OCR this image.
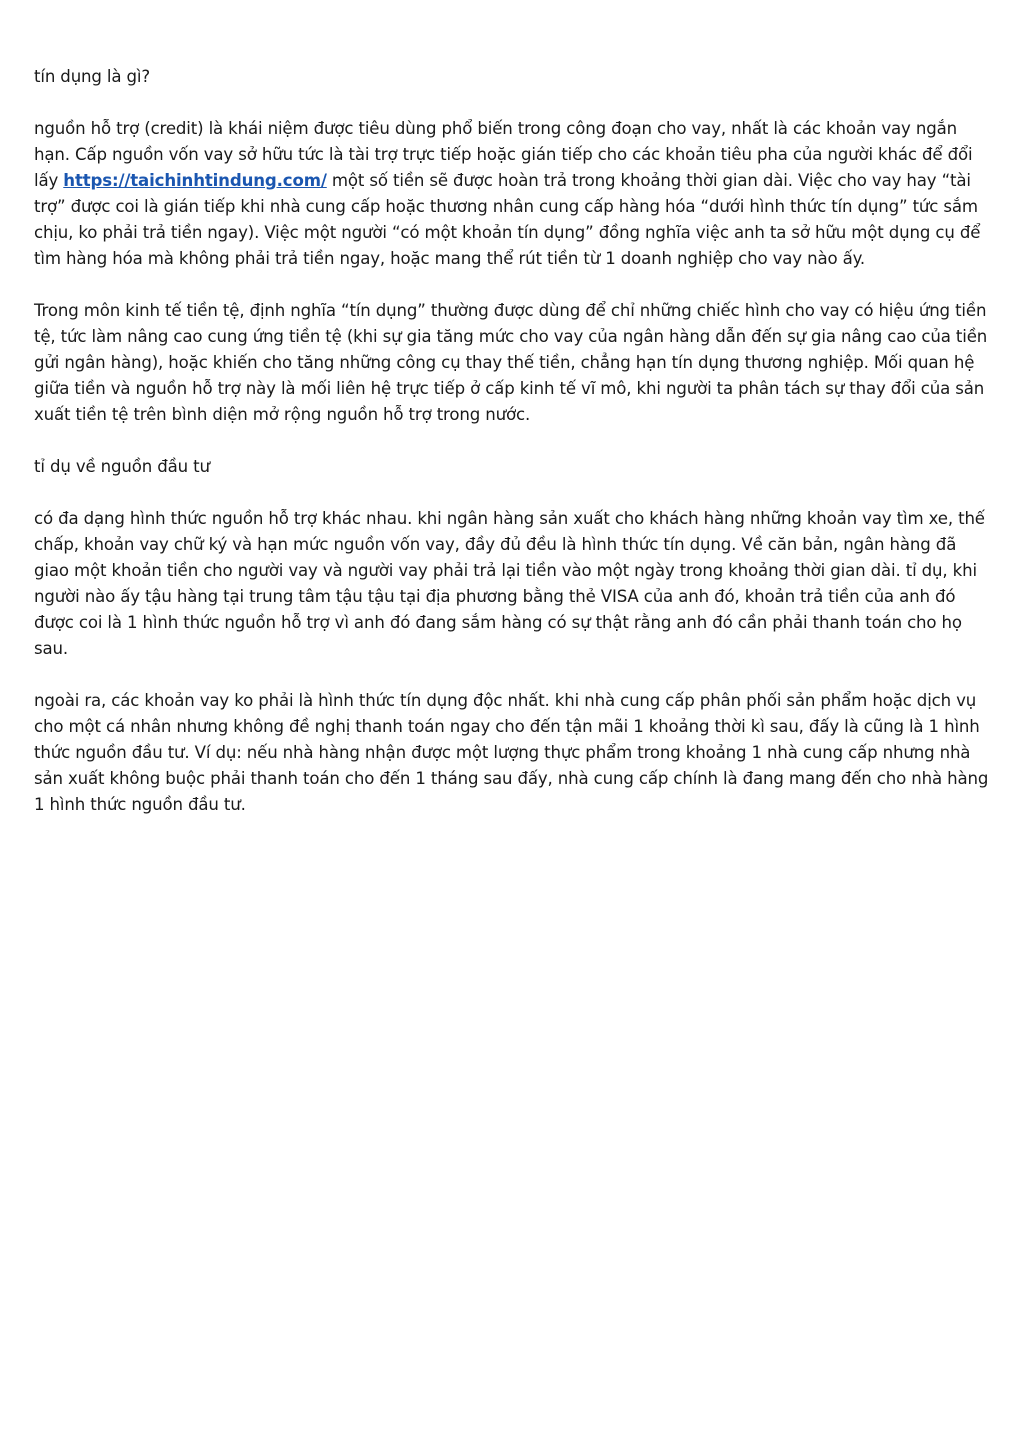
tín dụng là gì?

nguồn hỗ trợ (credit) là khái niệm được tiêu dùng phổ biến trong công đoạn cho vay, nhất là các khoản vay ngắn hạn. Cấp nguồn vốn vay sở hữu tức là tài trợ trực tiếp hoặc gián tiếp cho các khoản tiêu pha của người khác để đổi lấy https://taichinhtindung.com/ một số tiền sẽ được hoàn trả trong khoảng thời gian dài. Việc cho vay hay “tài trợ” được coi là gián tiếp khi nhà cung cấp hoặc thương nhân cung cấp hàng hóa “dưới hình thức tín dụng” tức sắm chịu, ko phải trả tiền ngay). Việc một người “có một khoản tín dụng” đồng nghĩa việc anh ta sở hữu một dụng cụ để tìm hàng hóa mà không phải trả tiền ngay, hoặc mang thể rút tiền từ 1 doanh nghiệp cho vay nào ấy.

Trong môn kinh tế tiền tệ, định nghĩa “tín dụng” thường được dùng để chỉ những chiếc hình cho vay có hiệu ứng tiền tệ, tức làm nâng cao cung ứng tiền tệ (khi sự gia tăng mức cho vay của ngân hàng dẫn đến sự gia nâng cao của tiền gửi ngân hàng), hoặc khiến cho tăng những công cụ thay thế tiền, chẳng hạn tín dụng thương nghiệp. Mối quan hệ giữa tiền và nguồn hỗ trợ này là mối liên hệ trực tiếp ở cấp kinh tế vĩ mô, khi người ta phân tách sự thay đổi của sản xuất tiền tệ trên bình diện mở rộng nguồn hỗ trợ trong nước.

tỉ dụ về nguồn đầu tư

có đa dạng hình thức nguồn hỗ trợ khác nhau. khi ngân hàng sản xuất cho khách hàng những khoản vay tìm xe, thế chấp, khoản vay chữ ký và hạn mức nguồn vốn vay, đầy đủ đều là hình thức tín dụng. Về căn bản, ngân hàng đã giao một khoản tiền cho người vay và người vay phải trả lại tiền vào một ngày trong khoảng thời gian dài. tỉ dụ, khi người nào ấy tậu hàng tại trung tâm tậu tậu tại địa phương bằng thẻ VISA của anh đó, khoản trả tiền của anh đó được coi là 1 hình thức nguồn hỗ trợ vì anh đó đang sắm hàng có sự thật rằng anh đó cần phải thanh toán cho họ sau.

ngoài ra, các khoản vay ko phải là hình thức tín dụng độc nhất. khi nhà cung cấp phân phối sản phẩm hoặc dịch vụ cho một cá nhân nhưng không đề nghị thanh toán ngay cho đến tận mãi 1 khoảng thời kì sau, đấy là cũng là 1 hình thức nguồn đầu tư. Ví dụ: nếu nhà hàng nhận được một lượng thực phẩm trong khoảng 1 nhà cung cấp nhưng nhà sản xuất không buộc phải thanh toán cho đến 1 tháng sau đấy, nhà cung cấp chính là đang mang đến cho nhà hàng 1 hình thức nguồn đầu tư.
